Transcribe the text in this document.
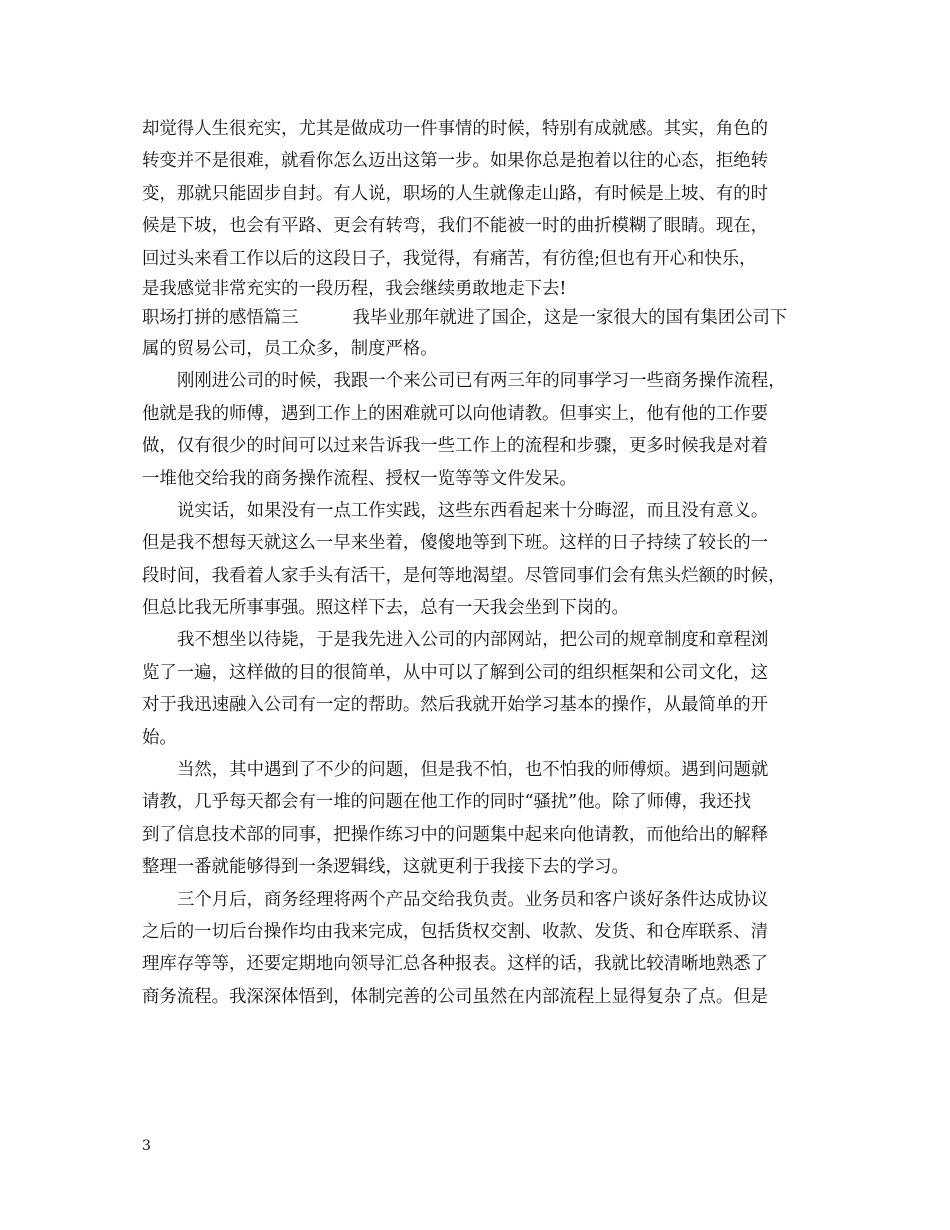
却觉得人生很充实，尤其是做成功一件事情的时候，特别有成就感。其实，角色的
转变并不是很难，就看你怎么迈出这第一步。如果你总是抱着以往的心态，拒绝转
变，那就只能固步自封。有人说，职场的人生就像走山路，有时候是上坡、有的时
候是下坡，也会有平路、更会有转弯，我们不能被一时的曲折模糊了眼睛。现在，
回过头来看工作以后的这段日子，我觉得，有痛苦，有彷徨;但也有开心和快乐，
是我感觉非常充实的一段历程，我会继续勇敢地走下去!
职场打拼的感悟篇三	我毕业那年就进了国企，这是一家很大的国有集团公司下
属的贸易公司，员工众多，制度严格。
刚刚进公司的时候，我跟一个来公司已有两三年的同事学习一些商务操作流程，
他就是我的师傅，遇到工作上的困难就可以向他请教。但事实上，他有他的工作要
做，仅有很少的时间可以过来告诉我一些工作上的流程和步骤，更多时候我是对着
一堆他交给我的商务操作流程、授权一览等等文件发呆。
说实话，如果没有一点工作实践，这些东西看起来十分晦涩，而且没有意义。
但是我不想每天就这么一早来坐着，傻傻地等到下班。这样的日子持续了较长的一
段时间，我看着人家手头有活干，是何等地渴望。尽管同事们会有焦头烂额的时候，
但总比我无所事事强。照这样下去，总有一天我会坐到下岗的。
我不想坐以待毙，于是我先进入公司的内部网站，把公司的规章制度和章程浏
览了一遍，这样做的目的很简单，从中可以了解到公司的组织框架和公司文化，这
对于我迅速融入公司有一定的帮助。然后我就开始学习基本的操作，从最简单的开
始。
当然，其中遇到了不少的问题，但是我不怕，也不怕我的师傅烦。遇到问题就
请教，几乎每天都会有一堆的问题在他工作的同时“骚扰”他。除了师傅，我还找
到了信息技术部的同事，把操作练习中的问题集中起来向他请教，而他给出的解释
整理一番就能够得到一条逻辑线，这就更利于我接下去的学习。
三个月后，商务经理将两个产品交给我负责。业务员和客户谈好条件达成协议
之后的一切后台操作均由我来完成，包括货权交割、收款、发货、和仓库联系、清
理库存等等，还要定期地向领导汇总各种报表。这样的话，我就比较清晰地熟悉了
商务流程。我深深体悟到，体制完善的公司虽然在内部流程上显得复杂了点。但是
3
